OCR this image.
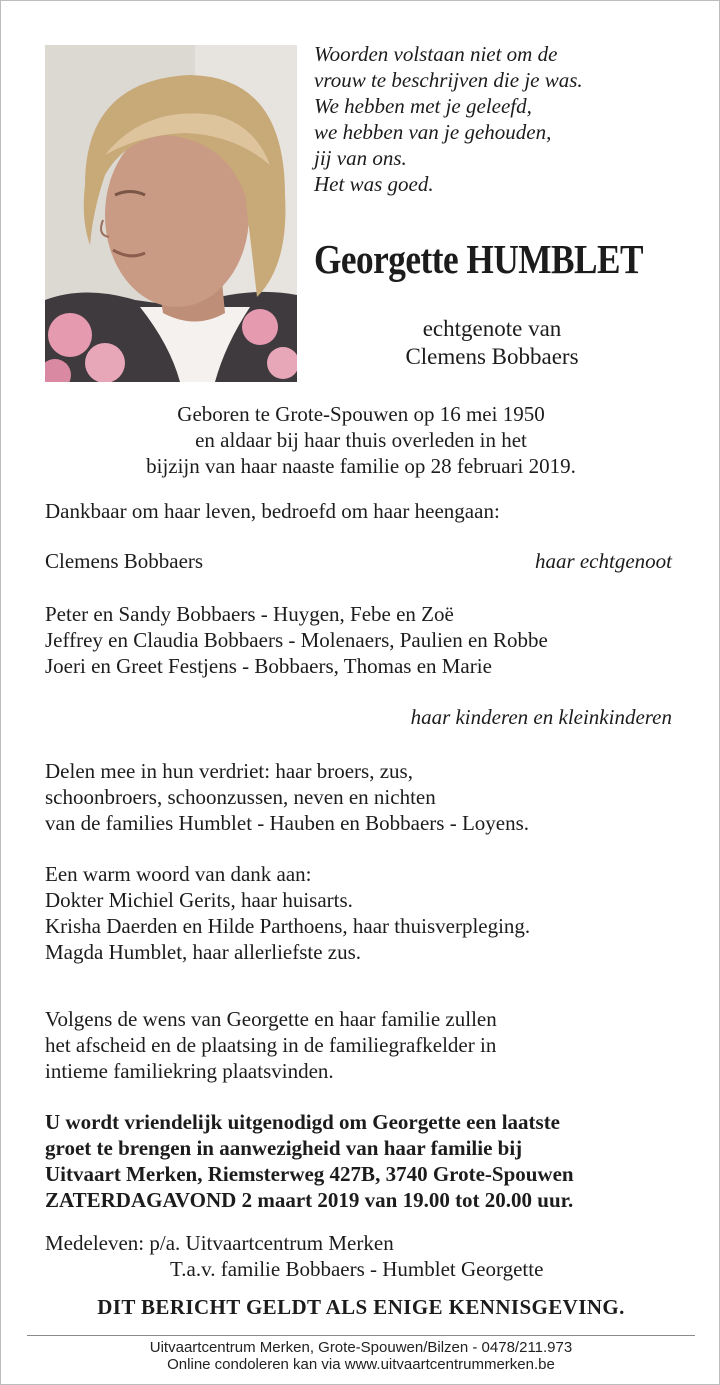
Woorden volstaan niet om de
vrouw te beschrijven die je was.
We hebben met je geleefd,
we hebben van je gehouden,
jij van ons.
Het was goed.
Georgette HUMBLET
echtgenote van
Clemens Bobbaers
Geboren te Grote-Spouwen op 16 mei 1950
en aldaar bij haar thuis overleden in het
bijzijn van haar naaste familie op 28 februari 2019.
Dankbaar om haar leven, bedroefd om haar heengaan:
Clemens Bobbaers	haar echtgenoot
Peter en Sandy Bobbaers - Huygen, Febe en Zoë
Jeffrey en Claudia Bobbaers - Molenaers, Paulien en Robbe
Joeri en Greet Festjens - Bobbaers, Thomas en Marie
haar kinderen en kleinkinderen
Delen mee in hun verdriet: haar broers, zus,
schoonbroers, schoonzussen, neven en nichten
van de families Humblet - Hauben en Bobbaers - Loyens.
Een warm woord van dank aan:
Dokter Michiel Gerits, haar huisarts.
Krisha Daerden en Hilde Parthoens, haar thuisverpleging.
Magda Humblet, haar allerliefste zus.
Volgens de wens van Georgette en haar familie zullen
het afscheid en de plaatsing in de familiegrafkelder in
intieme familiekring plaatsvinden.
U wordt vriendelijk uitgenodigd om Georgette een laatste
groet te brengen in aanwezigheid van haar familie bij
Uitvaart Merken, Riemsterweg 427B, 3740 Grote-Spouwen
ZATERDAGAVOND 2 maart 2019 van 19.00 tot 20.00 uur.
Medeleven: p/a. Uitvaartcentrum Merken
T.a.v. familie Bobbaers - Humblet Georgette
DIT BERICHT GELDT ALS ENIGE KENNISGEVING.
Uitvaartcentrum Merken, Grote-Spouwen/Bilzen - 0478/211.973
Online condoleren kan via www.uitvaartcentrummerken.be
